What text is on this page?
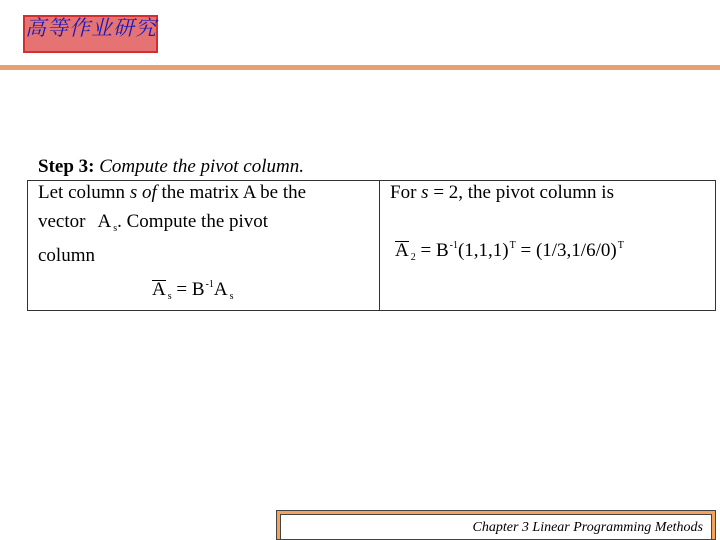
高等作业研究
Step 3: Compute the pivot column.
Let column s of the matrix A be the
vector A $_s$. Compute the pivot
column
A $_s = B^{-1}A$ $_s$
For s = 2, the pivot column is
A $_2 = B^{-1}(1,1,1)^T = (1/3,1/6/0)^T$
Chapter 3 Linear Programming Methods
